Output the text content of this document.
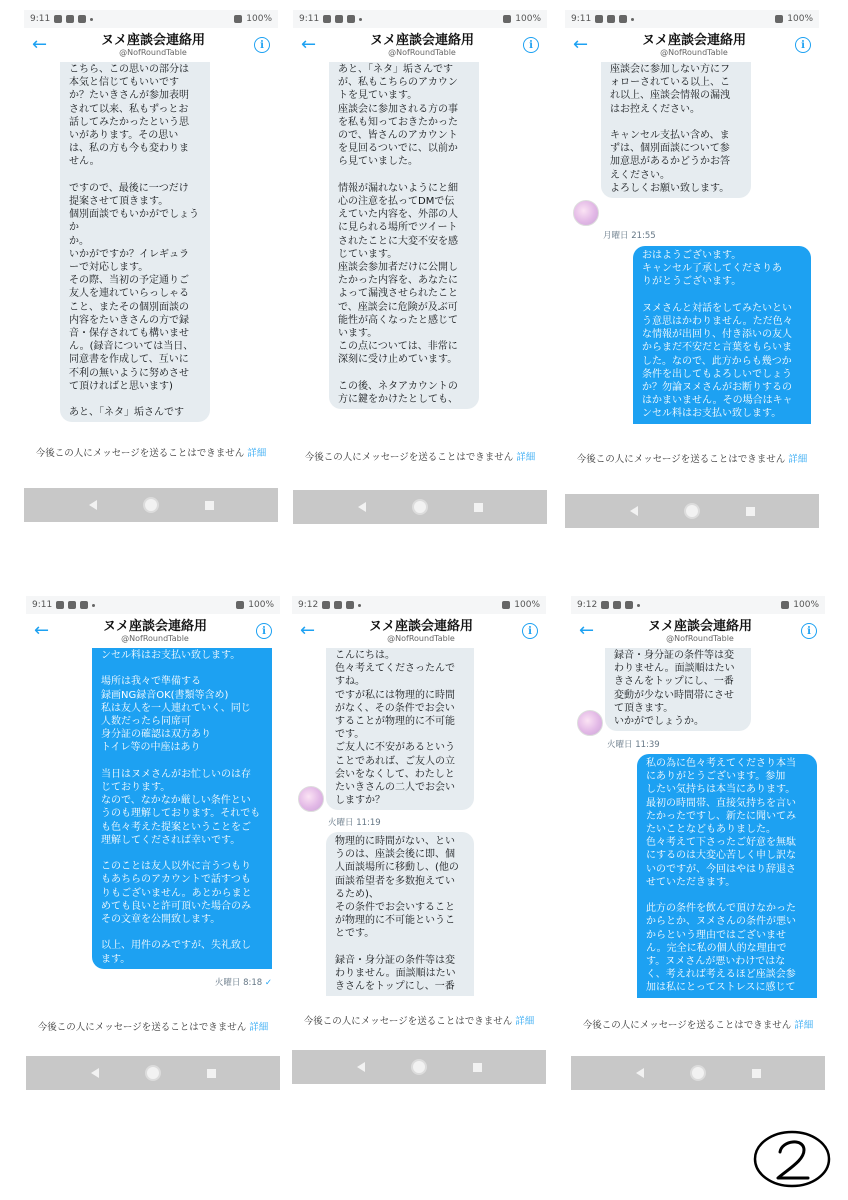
9:11	100%
←	ヌメ座談会連絡用
@NofRoundTable
i
こちら、この思いの部分は
本気と信じてもいいです
か？たいきさんが参加表明
されて以来、私もずっとお
話してみたかったという思
いがあります。その思い
は、私の方も今も変わりま
せん。

ですので、最後に一つだけ
提案させて頂きます。
個別面談でもいかがでしょうか
か。
いかがですか？イレギュラ
ーで対応します。
その際、当初の予定通りご
友人を連れていらっしゃる
こと、またその個別面談の
内容をたいきさんの方で録
音・保存されても構いませ
ん。(録音については当日、
同意書を作成して、互いに
不利の無いように努めさせ
て頂ければと思います)

あと、「ネタ」垢さんです
今後この人にメッセージを送ることはできません 詳細
9:11	100%
←	ヌメ座談会連絡用
@NofRoundTable
i
あと、「ネタ」垢さんです
が、私もこちらのアカウン
トを見ています。
座談会に参加される方の事
を私も知っておきたかった
ので、皆さんのアカウント
を見回るついでに、以前か
ら見ていました。

情報が漏れないようにと細
心の注意を払ってDMで伝
えていた内容を、外部の人
に見られる場所でツイート
されたことに大変不安を感
じています。
座談会参加者だけに公開し
たかった内容を、あなたに
よって漏洩させられたこと
で、座談会に危険が及ぶ可
能性が高くなったと感じて
います。
この点については、非常に
深刻に受け止めています。

この後、ネタアカウントの
方に鍵をかけたとしても、
今後この人にメッセージを送ることはできません 詳細
9:11	100%
←	ヌメ座談会連絡用
@NofRoundTable
i
座談会に参加しない方にフ
ォローされている以上、こ
れ以上、座談会情報の漏洩
はお控えください。

キャンセル支払い含め、ま
ずは、個別面談について参
加意思があるかどうかお答
えください。
よろしくお願い致します。
月曜日 21:55
おはようございます。
キャンセル了承してくださりあ
りがとうございます。

ヌメさんと対話をしてみたいとい
う意思はかわりません。ただ色々
な情報が出回り、付き添いの友人
からまだ不安だと言葉をもらいま
した。なので、此方からも幾つか
条件を出してもよろしいでしょう
か？勿論ヌメさんがお断りするの
はかまいません。その場合はキャ
ンセル料はお支払い致します。
今後この人にメッセージを送ることはできません 詳細
9:11	100%
←	ヌメ座談会連絡用
@NofRoundTable
i
ンセル料はお支払い致します。

場所は我々で準備する
録画NG録音OK(書類等含め)
私は友人を一人連れていく、同じ
人数だったら同席可
身分証の確認は双方あり
トイレ等の中座はあり

当日はヌメさんがお忙しいのは存
じております。
なので、なかなか厳しい条件とい
うのも理解しております。それでも
も色々考えた提案ということをご
理解してくだされば幸いです。

このことは友人以外に言うつもり
もあちらのアカウントで話すつも
りもございません。あとからまと
めても良いと許可頂いた場合のみ
その文章を公開致します。

以上、用件のみですが、失礼致し
ます。
火曜日 8:18 ✓
今後この人にメッセージを送ることはできません 詳細
9:12	100%
←	ヌメ座談会連絡用
@NofRoundTable
i
こんにちは。
色々考えてくださったんで
すね。
ですが私には物理的に時間
がなく、その条件でお会い
することが物理的に不可能
です。
ご友人に不安があるという
ことであれば、ご友人の立
会いをなくして、わたしと
たいきさんの二人でお会い
しますか？
火曜日 11:19
物理的に時間がない、とい
うのは、座談会後に即、個
人面談場所に移動し、(他の
面談希望者を多数抱えてい
るため)、
その条件でお会いすること
が物理的に不可能というこ
とです。

録音・身分証の条件等は変
わりません。面談順はたい
きさんをトップにし、一番
今後この人にメッセージを送ることはできません 詳細
9:12	100%
←	ヌメ座談会連絡用
@NofRoundTable
i
録音・身分証の条件等は変
わりません。面談順はたい
きさんをトップにし、一番
変動が少ない時間帯にさせ
て頂きます。
いかがでしょうか。
火曜日 11:39
私の為に色々考えてくださり本当
にありがとうございます。参加
したい気持ちは本当にあります。
最初の時間帯、直接気持ちを言い
たかったですし、新たに聞いてみ
たいことなどもありました。
色々考えて下さったご好意を無駄
にするのは大変心苦しく申し訳な
いのですが、今回はやはり辞退さ
せていただきます。

此方の条件を飲んで頂けなかった
からとか、ヌメさんの条件が悪い
からという理由ではございませ
ん。完全に私の個人的な理由で
す。ヌメさんが悪いわけではな
く、考えれば考えるほど座談会参
加は私にとってストレスに感じて
今後この人にメッセージを送ることはできません 詳細
